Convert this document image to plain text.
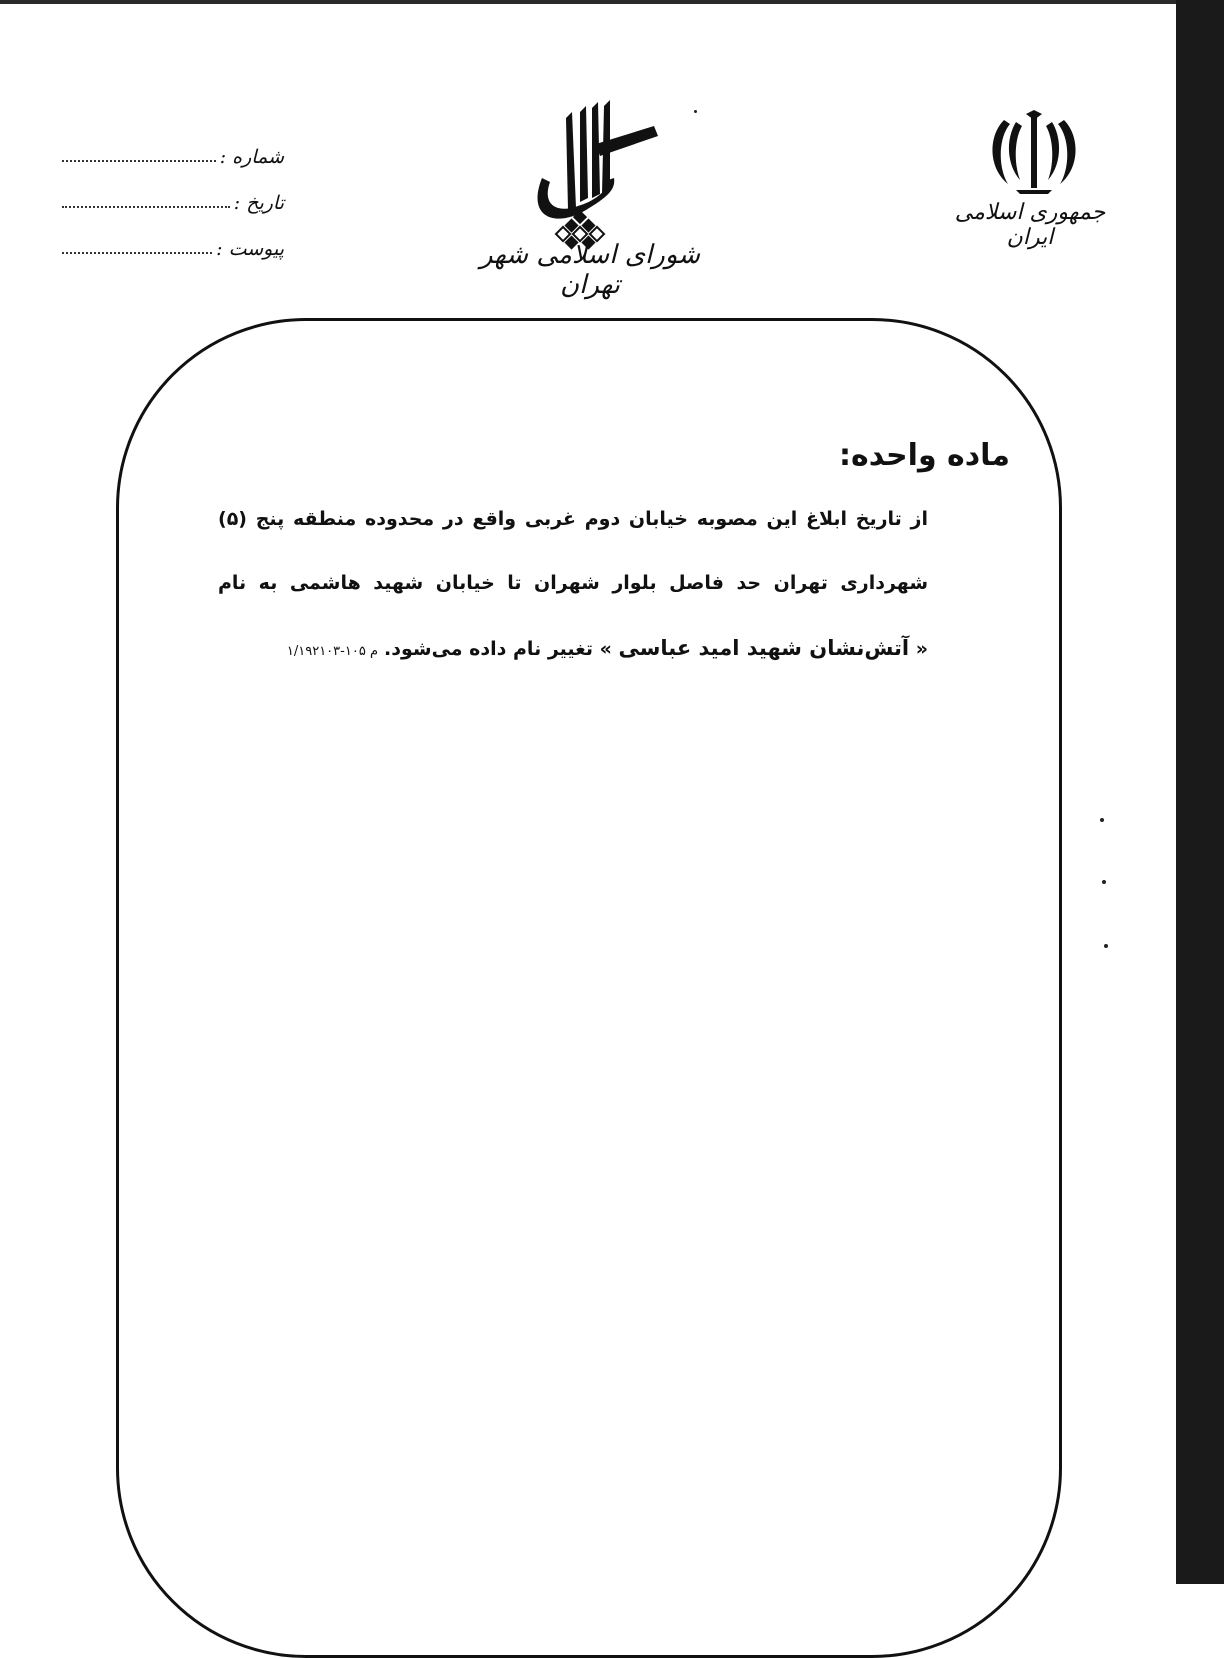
شماره :
تاریخ :
پیوست :	شورای اسلامی شهر تهران
جمهوری اسلامی ایران
ماده واحده:
از تاریخ ابلاغ این مصوبه خیابان دوم غربی واقع در محدوده منطقه پنج (۵)
شهرداری تهران حد فاصل بلوار شهران تا خیابان شهید هاشمی به نام
« آتش‌نشان شهید امید عباسی » تغییر نام داده می‌شود.م ۱۰۵-۱/۱۹۲۱۰۳
